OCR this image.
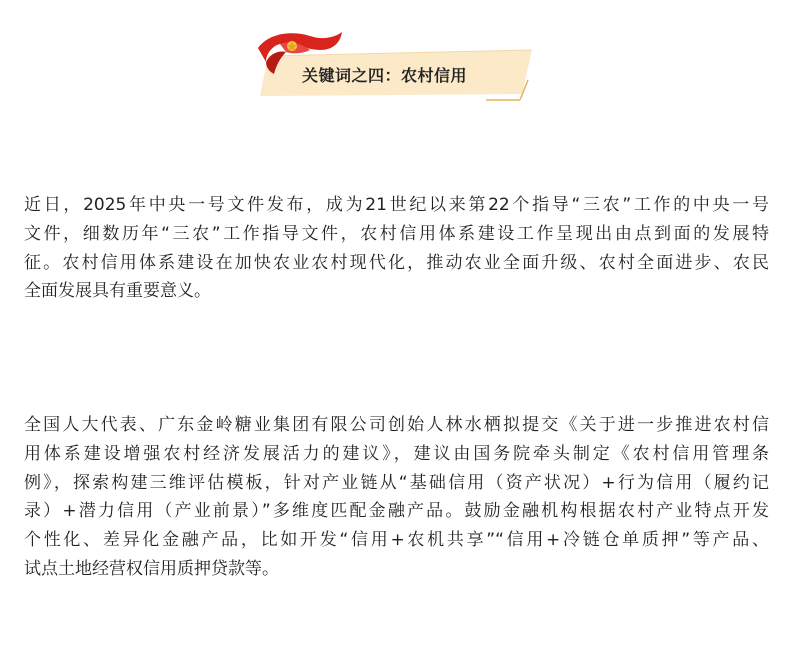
关键词之四：农村信用
近日，2025年中央一号文件发布，成为21世纪以来第22个指导“三农”工作的中央一号
文件，细数历年“三农”工作指导文件，农村信用体系建设工作呈现出由点到面的发展特
征。农村信用体系建设在加快农业农村现代化，推动农业全面升级、农村全面进步、农民
全面发展具有重要意义。
全国人大代表、广东金岭糖业集团有限公司创始人林水栖拟提交《关于进一步推进农村信
用体系建设增强农村经济发展活力的建议》，建议由国务院牵头制定《农村信用管理条
例》，探索构建三维评估模板，针对产业链从“基础信用（资产状况）+行为信用（履约记
录）+潜力信用（产业前景）”多维度匹配金融产品。鼓励金融机构根据农村产业特点开发
个性化、差异化金融产品，比如开发“信用+农机共享”“信用+冷链仓单质押”等产品、
试点土地经营权信用质押贷款等。
